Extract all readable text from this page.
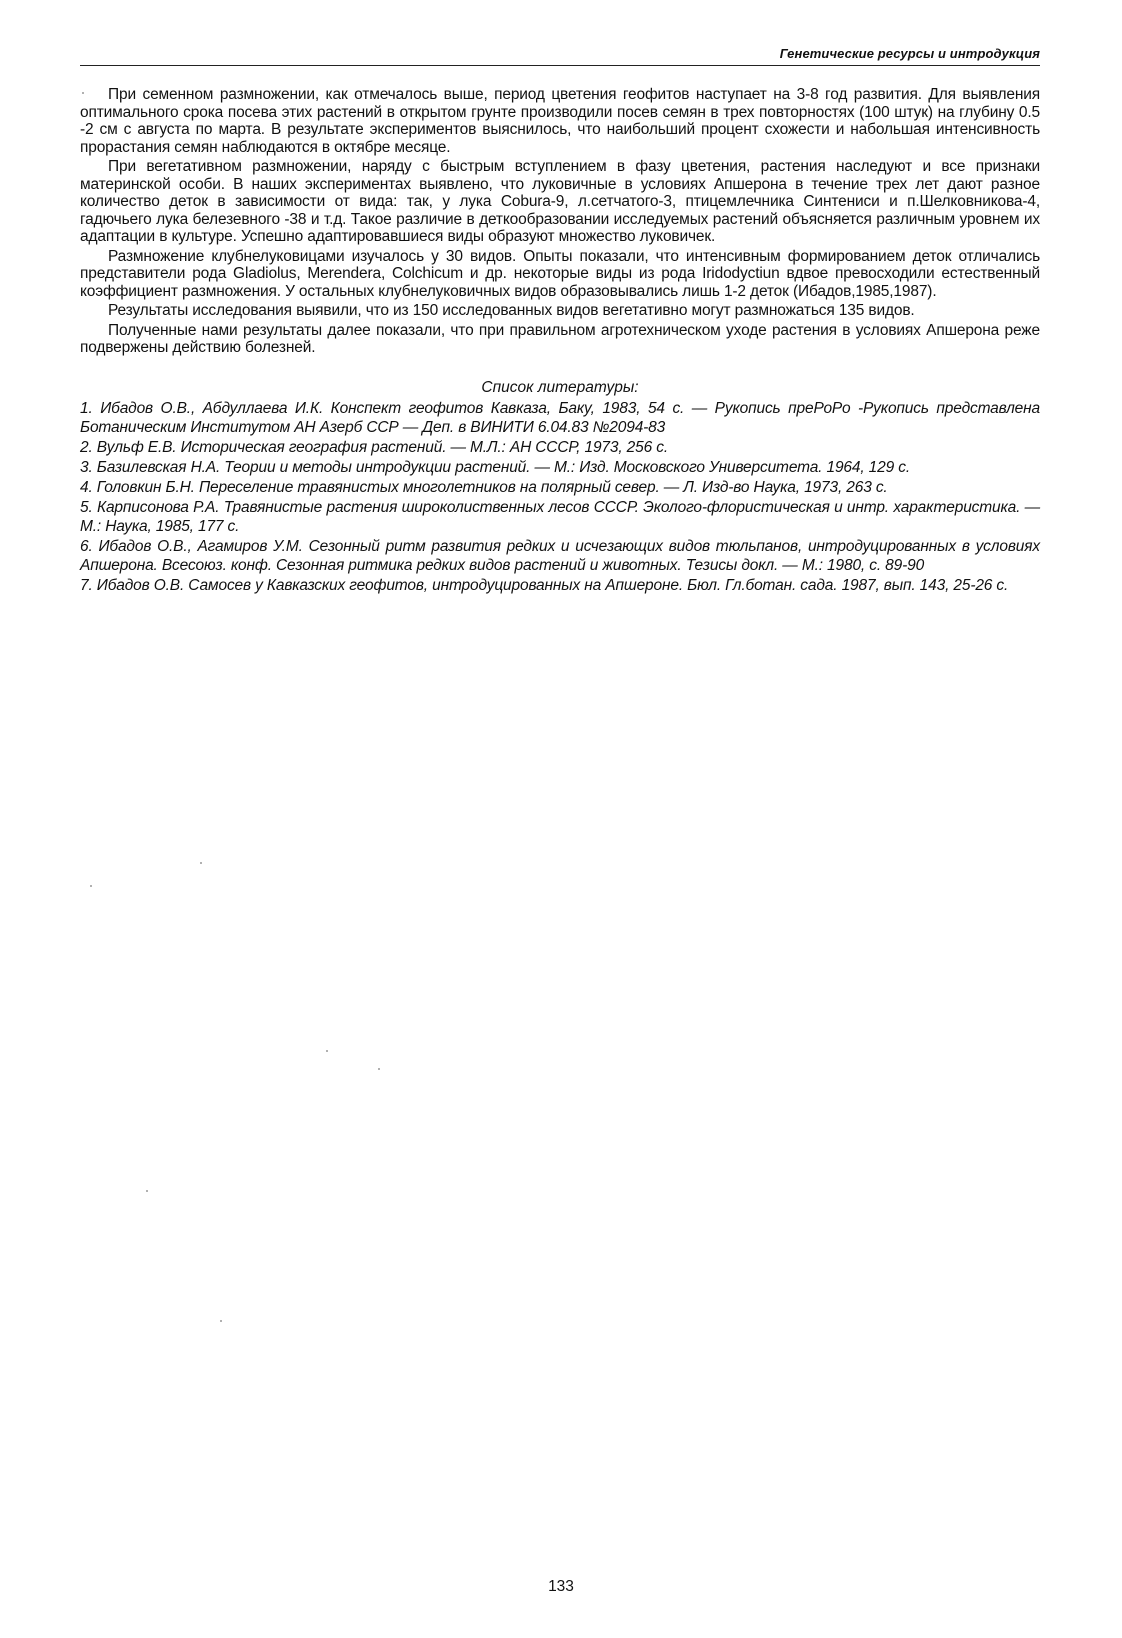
Генетические ресурсы и интродукция

При семенном размножении, как отмечалось выше, период цветения геофитов наступает на 3-8 год развития. Для выявления оптимального срока посева этих растений в открытом грунте производили посев семян в трех повторностях (100 штук) на глубину 0.5 -2 см с августа по марта. В результате экспериментов выяснилось, что наибольший процент схожести и набольшая интенсивность прорастания семян наблюдаются в октябре месяце.

При вегетативном размножении, наряду с быстрым вступлением в фазу цветения, растения наследуют и все признаки материнской особи. В наших экспериментах выявлено, что луковичные в условиях Апшерона в течение трех лет дают разное количество деток в зависимости от вида: так, у лука Cobura-9, л.сетчатого-3, птицемлечника Синтениси и п.Шелковникова-4, гадючьего лука белезевного -38 и т.д. Такое различие в деткообразовании исследуемых растений объясняется различным уровнем их адаптации в культуре. Успешно адаптировавшиеся виды образуют множество луковичек.

Размножение клубнелуковицами изучалось у 30 видов. Опыты показали, что интенсивным формированием деток отличались представители рода Gladiolus, Merendera, Colchicum и др. некоторые виды из рода Iridodyctiun вдвое превосходили естественный коэффициент размножения. У остальных клубнелуковичных видов образовывались лишь 1-2 деток (Ибадов,1985,1987).

Результаты исследования выявили, что из 150 исследованных видов вегетативно могут размножаться 135 видов.

Полученные нами результаты далее показали, что при правильном агротехническом уходе растения в условиях Апшерона реже подвержены действию болезней.

Список литературы:
1. Ибадов О.В., Абдуллаева И.К. Конспект геофитов Кавказа, Баку, 1983, 54 с. — Рукопись преРоРо -Рукопись представлена Ботаническим Институтом АН Азерб ССР — Деп. в ВИНИТИ 6.04.83 №2094-83
2. Вульф Е.В. Историческая география растений. — М.Л.: АН СССР, 1973, 256 с.
3. Базилевская Н.А. Теории и методы интродукции растений. — М.: Изд. Московского Университета. 1964, 129 с.
4. Головкин Б.Н. Переселение травянистых многолетников на полярный север. — Л. Изд-во Наука, 1973, 263 с.
5. Карписонова Р.А. Травянистые растения широколиственных лесов СССР. Эколого-флористическая и интр. характеристика. — М.: Наука, 1985, 177 с.
6. Ибадов О.В., Агамиров У.М. Сезонный ритм развития редких и исчезающих видов тюльпанов, интродуцированных в условиях Апшерона. Всесоюз. конф. Сезонная ритмика редких видов растений и животных. Тезисы докл. — М.: 1980, с. 89-90
7. Ибадов О.В. Самосев у Кавказских геофитов, интродуцированных на Апшероне. Бюл. Гл.ботан. сада. 1987, вып. 143, 25-26 с.
133
